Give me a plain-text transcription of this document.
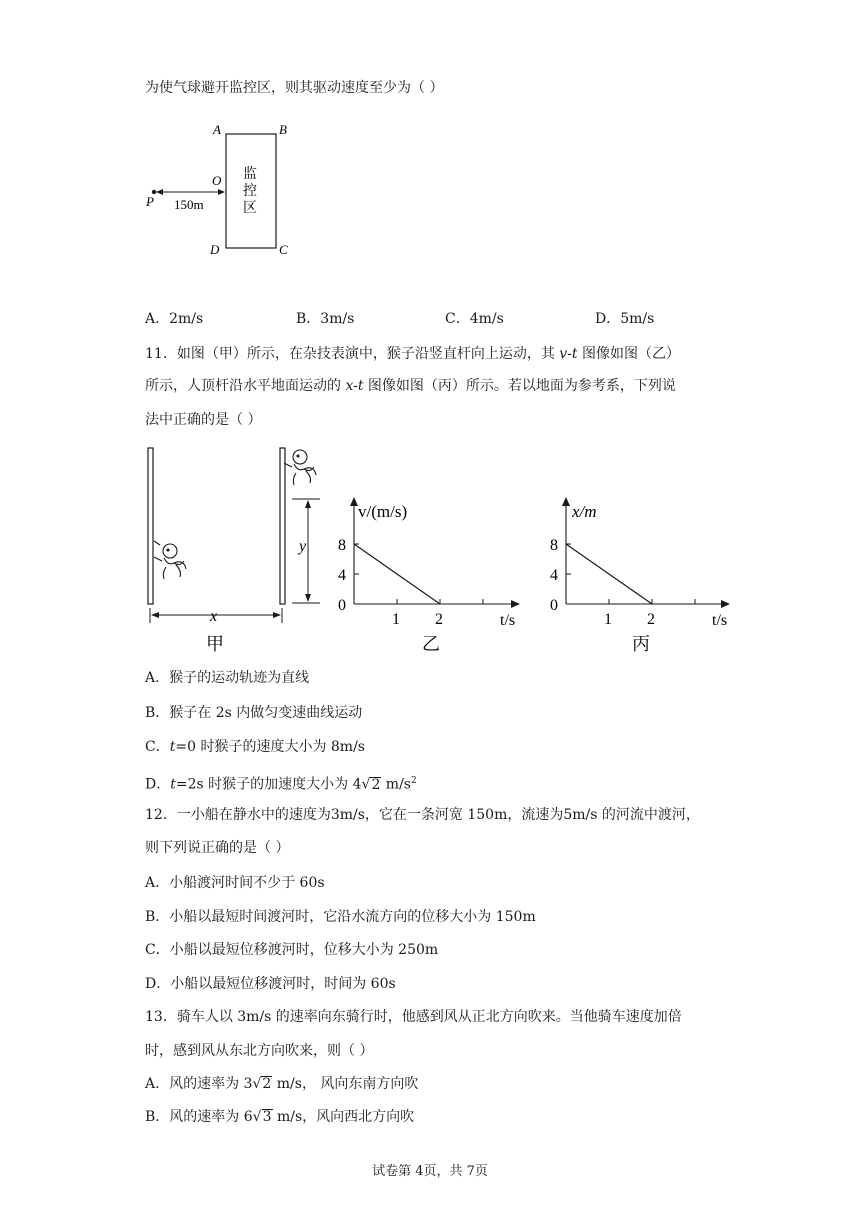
为使气球避开监控区，则其驱动速度至少为（ ）
A	B
D	C
O
P 150m
监
控
区
A．2m/s	B．3m/s	C．4m/s	D．5m/s
11．如图（甲）所示，在杂技表演中，猴子沿竖直杆向上运动，其 v-t 图像如图（乙）
所示，人顶杆沿水平地面运动的 x-t 图像如图（丙）所示。若以地面为参考系，下列说
法中正确的是（ ）
y
x
甲
v/(m/s)
t/s
8
4
0
1 2
乙
x/m
t/s
8
4
0
1 2
丙
A．猴子的运动轨迹为直线
B．猴子在 2s 内做匀变速曲线运动
C．t=0 时猴子的速度大小为 8m/s
D．t=2s 时猴子的加速度大小为 4√2 $m/s^2$
12．一小船在静水中的速度为3m/s，它在一条河宽 150m，流速为5m/s 的河流中渡河，
则下列说正确的是（ ）
A．小船渡河时间不少于 60s
B．小船以最短时间渡河时，它沿水流方向的位移大小为 150m
C．小船以最短位移渡河时，位移大小为 250m
D．小船以最短位移渡河时，时间为 60s
13．骑车人以 3m/s 的速率向东骑行时，他感到风从正北方向吹来。当他骑车速度加倍
时，感到风从东北方向吹来，则（ ）
A．风的速率为 3√2 m/s， 风向东南方向吹
B．风的速率为 6√3 m/s，风向西北方向吹
试卷第 4页，共 7页
